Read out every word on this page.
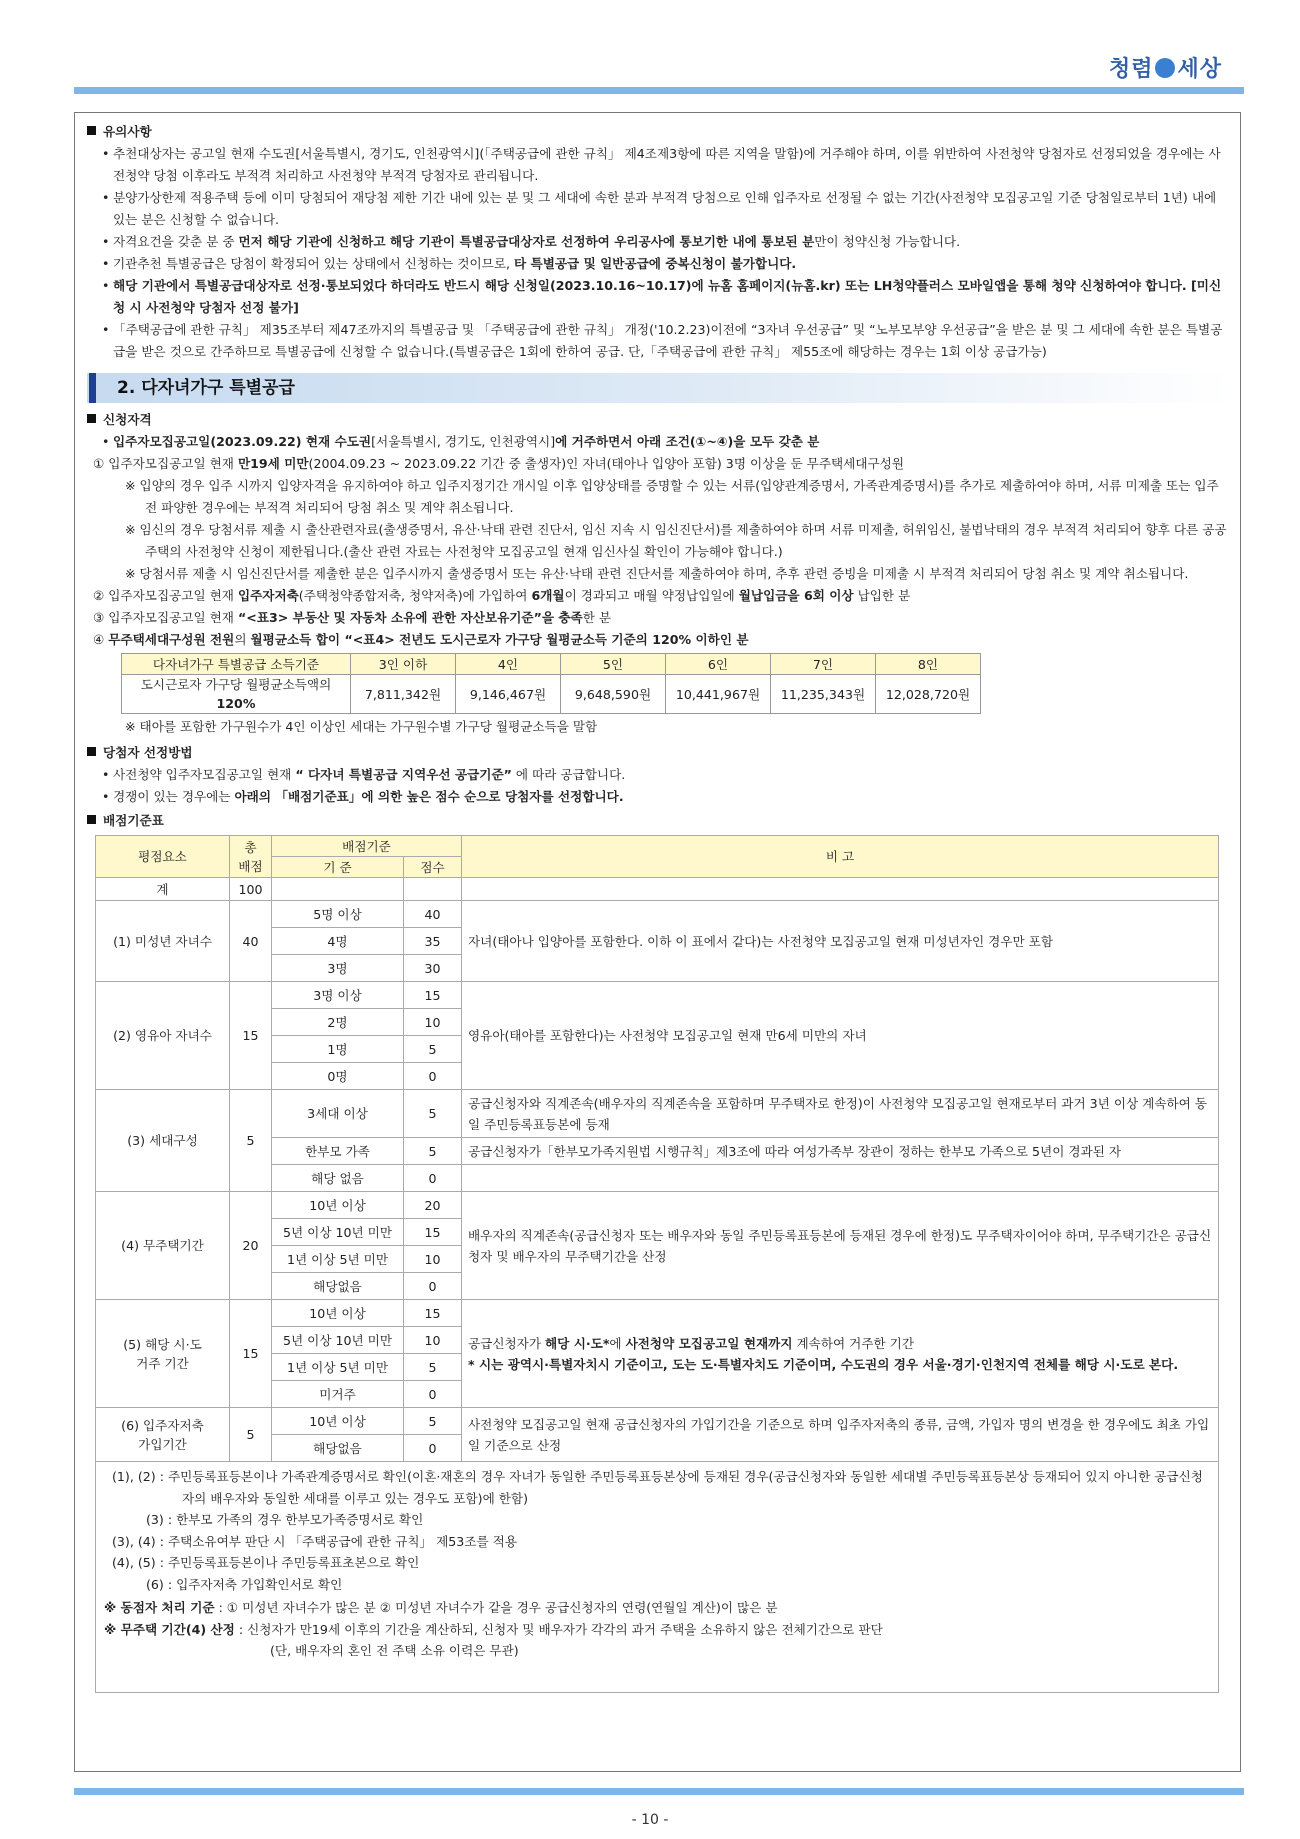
청렴 세상
유의사항
• 추천대상자는 공고일 현재 수도권[서울특별시, 경기도, 인천광역시](「주택공급에 관한 규칙」 제4조제3항에 따른 지역을 말함)에 거주해야 하며, 이를 위반하여 사전청약 당첨자로 선정되었을 경우에는 사전청약 당첨 이후라도 부적격 처리하고 사전청약 부적격 당첨자로 관리됩니다.
• 분양가상한제 적용주택 등에 이미 당첨되어 재당첨 제한 기간 내에 있는 분 및 그 세대에 속한 분과 부적격 당첨으로 인해 입주자로 선정될 수 없는 기간(사전청약 모집공고일 기준 당첨일로부터 1년) 내에 있는 분은 신청할 수 없습니다.
• 자격요건을 갖춘 분 중 먼저 해당 기관에 신청하고 해당 기관이 특별공급대상자로 선정하여 우리공사에 통보기한 내에 통보된 분만이 청약신청 가능합니다.
• 기관추천 특별공급은 당첨이 확정되어 있는 상태에서 신청하는 것이므로, 타 특별공급 및 일반공급에 중복신청이 불가합니다.
• 해당 기관에서 특별공급대상자로 선정·통보되었다 하더라도 반드시 해당 신청일(2023.10.16~10.17)에 뉴홈 홈페이지(뉴홈.kr) 또는 LH청약플러스 모바일앱을 통해 청약 신청하여야 합니다. [미신청 시 사전청약 당첨자 선정 불가]
• 「주택공급에 관한 규칙」 제35조부터 제47조까지의 특별공급 및 「주택공급에 관한 규칙」 개정('10.2.23)이전에 “3자녀 우선공급” 및 “노부모부양 우선공급”을 받은 분 및 그 세대에 속한 분은 특별공급을 받은 것으로 간주하므로 특별공급에 신청할 수 없습니다.(특별공급은 1회에 한하여 공급. 단,「주택공급에 관한 규칙」 제55조에 해당하는 경우는 1회 이상 공급가능)
2. 다자녀가구 특별공급
신청자격
• 입주자모집공고일(2023.09.22) 현재 수도권[서울특별시, 경기도, 인천광역시]에 거주하면서 아래 조건(①~④)을 모두 갖춘 분
① 입주자모집공고일 현재 만19세 미만(2004.09.23 ~ 2023.09.22 기간 중 출생자)인 자녀(태아나 입양아 포함) 3명 이상을 둔 무주택세대구성원
※ 입양의 경우 입주 시까지 입양자격을 유지하여야 하고 입주지정기간 개시일 이후 입양상태를 증명할 수 있는 서류(입양관계증명서, 가족관계증명서)를 추가로 제출하여야 하며, 서류 미제출 또는 입주 전 파양한 경우에는 부적격 처리되어 당첨 취소 및 계약 취소됩니다.
※ 임신의 경우 당첨서류 제출 시 출산관련자료(출생증명서, 유산·낙태 관련 진단서, 임신 지속 시 임신진단서)를 제출하여야 하며 서류 미제출, 허위임신, 불법낙태의 경우 부적격 처리되어 향후 다른 공공주택의 사전청약 신청이 제한됩니다.(출산 관련 자료는 사전청약 모집공고일 현재 임신사실 확인이 가능해야 합니다.)
※ 당첨서류 제출 시 임신진단서를 제출한 분은 입주시까지 출생증명서 또는 유산·낙태 관련 진단서를 제출하여야 하며, 추후 관련 증빙을 미제출 시 부적격 처리되어 당첨 취소 및 계약 취소됩니다.
② 입주자모집공고일 현재 입주자저축(주택청약종합저축, 청약저축)에 가입하여 6개월이 경과되고 매월 약정납입일에 월납입금을 6회 이상 납입한 분
③ 입주자모집공고일 현재 “<표3> 부동산 및 자동차 소유에 관한 자산보유기준”을 충족한 분
④ 무주택세대구성원 전원의 월평균소득 합이 “<표4> 전년도 도시근로자 가구당 월평균소득 기준의 120% 이하인 분
다자녀가구 특별공급 소득기준	3인 이하	4인	5인	6인	7인	8인
도시근로자 가구당 월평균소득액의 120%	7,811,342원	9,146,467원	9,648,590원	10,441,967원	11,235,343원	12,028,720원
※ 태아를 포함한 가구원수가 4인 이상인 세대는 가구원수별 가구당 월평균소득을 말함
당첨자 선정방법
• 사전청약 입주자모집공고일 현재 “ 다자녀 특별공급 지역우선 공급기준” 에 따라 공급합니다.
• 경쟁이 있는 경우에는 아래의 「배점기준표」에 의한 높은 점수 순으로 당첨자를 선정합니다.
배점기준표
평점요소	총
배점	배점기준		비 고
		기 준	점수	
계	100			
(1) 미성년 자녀수	40	5명 이상	40	자녀(태아나 입양아를 포함한다. 이하 이 표에서 같다)는 사전청약 모집공고일 현재 미성년자인 경우만 포함
		4명	35	
		3명	30	
(2) 영유아 자녀수	15	3명 이상	15	영유아(태아를 포함한다)는 사전청약 모집공고일 현재 만6세 미만의 자녀
		2명	10	
		1명	5	
		0명	0	
(3) 세대구성	5	3세대 이상	5	공급신청자와 직계존속(배우자의 직계존속을 포함하며 무주택자로 한정)이 사전청약 모집공고일 현재로부터 과거 3년 이상 계속하여 동일 주민등록표등본에 등재
		한부모 가족	5	공급신청자가「한부모가족지원법 시행규칙」제3조에 따라 여성가족부 장관이 정하는 한부모 가족으로 5년이 경과된 자
		해당 없음	0	
(4) 무주택기간	20	10년 이상	20	배우자의 직계존속(공급신청자 또는 배우자와 동일 주민등록표등본에 등재된 경우에 한정)도 무주택자이어야 하며, 무주택기간은 공급신청자 및 배우자의 무주택기간을 산정
		5년 이상 10년 미만	15	
		1년 이상 5년 미만	10	
		해당없음	0	
(5) 해당 시·도
거주 기간	15	10년 이상	15	공급신청자가 해당 시·도*에 사전청약 모집공고일 현재까지 계속하여 거주한 기간
* 시는 광역시·특별자치시 기준이고, 도는 도·특별자치도 기준이며, 수도권의 경우 서울·경기·인천지역 전체를 해당 시·도로 본다.
		5년 이상 10년 미만	10	
		1년 이상 5년 미만	5	
		미거주	0	
(6) 입주자저축
가입기간	5	10년 이상	5	사전청약 모집공고일 현재 공급신청자의 가입기간을 기준으로 하며 입주자저축의 종류, 금액, 가입자 명의 변경을 한 경우에도 최초 가입일 기준으로 산정
		해당없음	0	
(1), (2) : 주민등록표등본이나 가족관계증명서로 확인(이혼·재혼의 경우 자녀가 동일한 주민등록표등본상에 등재된 경우(공급신청자와 동일한 세대별 주민등록표등본상 등재되어 있지 아니한 공급신청자의 배우자와 동일한 세대를 이루고 있는 경우도 포함)에 한함)
(3) : 한부모 가족의 경우 한부모가족증명서로 확인
(3), (4) : 주택소유여부 판단 시 「주택공급에 관한 규칙」 제53조를 적용
(4), (5) : 주민등록표등본이나 주민등록표초본으로 확인
(6) : 입주자저축 가입확인서로 확인
※ 동점자 처리 기준 : ① 미성년 자녀수가 많은 분 ② 미성년 자녀수가 같을 경우 공급신청자의 연령(연월일 계산)이 많은 분
※ 무주택 기간(4) 산정 : 신청자가 만19세 이후의 기간을 계산하되, 신청자 및 배우자가 각각의 과거 주택을 소유하지 않은 전체기간으로 판단
(단, 배우자의 혼인 전 주택 소유 이력은 무관)
- 10 -
